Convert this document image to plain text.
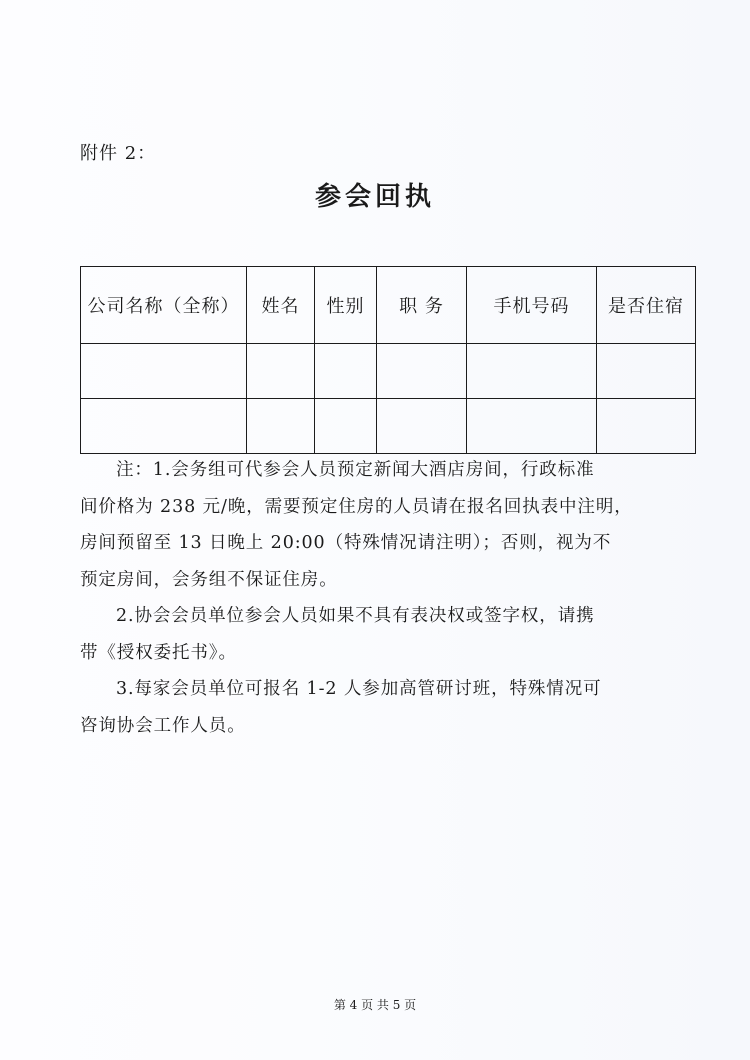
附件 2：
参会回执
公司名称（全称）	姓名	性别	职 务	手机号码	是否住宿

注：1.会务组可代参会人员预定新闻大酒店房间，行政标准

间价格为 238 元/晚，需要预定住房的人员请在报名回执表中注明，

房间预留至 13 日晚上 20:00（特殊情况请注明）；否则，视为不

预定房间，会务组不保证住房。

2.协会会员单位参会人员如果不具有表决权或签字权，请携

带《授权委托书》。

3.每家会员单位可报名 1-2 人参加高管研讨班，特殊情况可

咨询协会工作人员。

第 4 页 共 5 页
